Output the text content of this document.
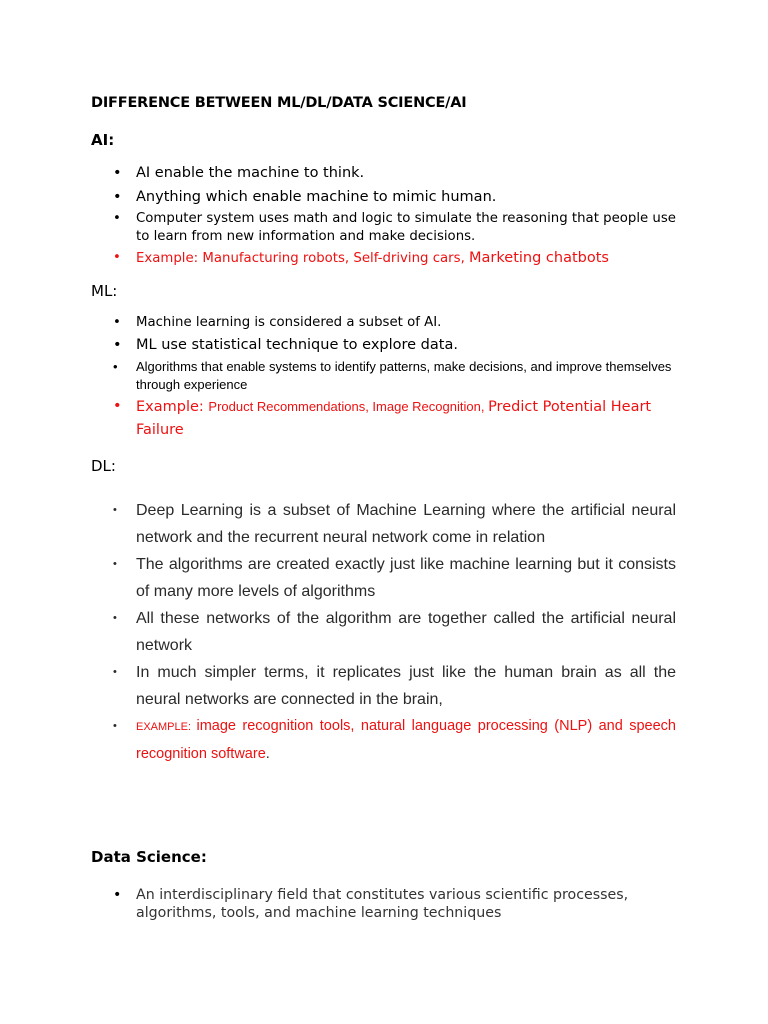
DIFFERENCE BETWEEN ML/DL/DATA SCIENCE/AI
AI:
• AI enable the machine to think.
• Anything which enable machine to mimic human.
• Computer system uses math and logic to simulate the reasoning that people use to learn from new information and make decisions.
• Example: Manufacturing robots, Self-driving cars, Marketing chatbots
ML:
• Machine learning is considered a subset of AI.
• ML use statistical technique to explore data.
• Algorithms that enable systems to identify patterns, make decisions, and improve themselves through experience
• Example: Product Recommendations, Image Recognition, Predict Potential Heart Failure
DL:
• Deep Learning is a subset of Machine Learning where the artificial neural network and the recurrent neural network come in relation
• The algorithms are created exactly just like machine learning but it consists of many more levels of algorithms
• All these networks of the algorithm are together called the artificial neural network
• In much simpler terms, it replicates just like the human brain as all the neural networks are connected in the brain,
• EXAMPLE: image recognition tools, natural language processing (NLP) and speech recognition software.
Data Science:
• An interdisciplinary field that constitutes various scientific processes, algorithms, tools, and machine learning techniques
